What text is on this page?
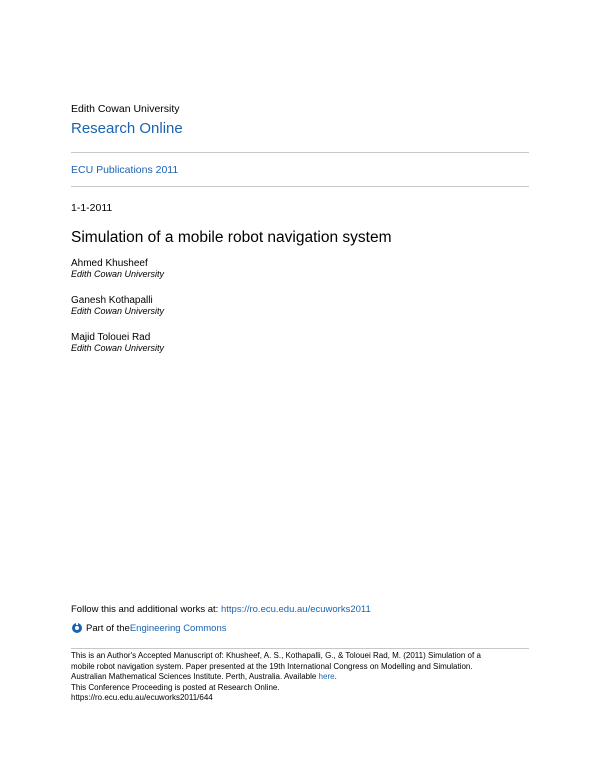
Edith Cowan University
Research Online
ECU Publications 2011
1-1-2011
Simulation of a mobile robot navigation system
Ahmed Khusheef
Edith Cowan University
Ganesh Kothapalli
Edith Cowan University
Majid Tolouei Rad
Edith Cowan University
Follow this and additional works at: https://ro.ecu.edu.au/ecuworks2011
Part of the Engineering Commons
This is an Author's Accepted Manuscript of: Khusheef, A. S., Kothapalli, G., & Tolouei Rad, M. (2011) Simulation of a
mobile robot navigation system. Paper presented at the 19th International Congress on Modelling and Simulation.
Australian Mathematical Sciences Institute. Perth, Australia. Available here.
This Conference Proceeding is posted at Research Online.
https://ro.ecu.edu.au/ecuworks2011/644
